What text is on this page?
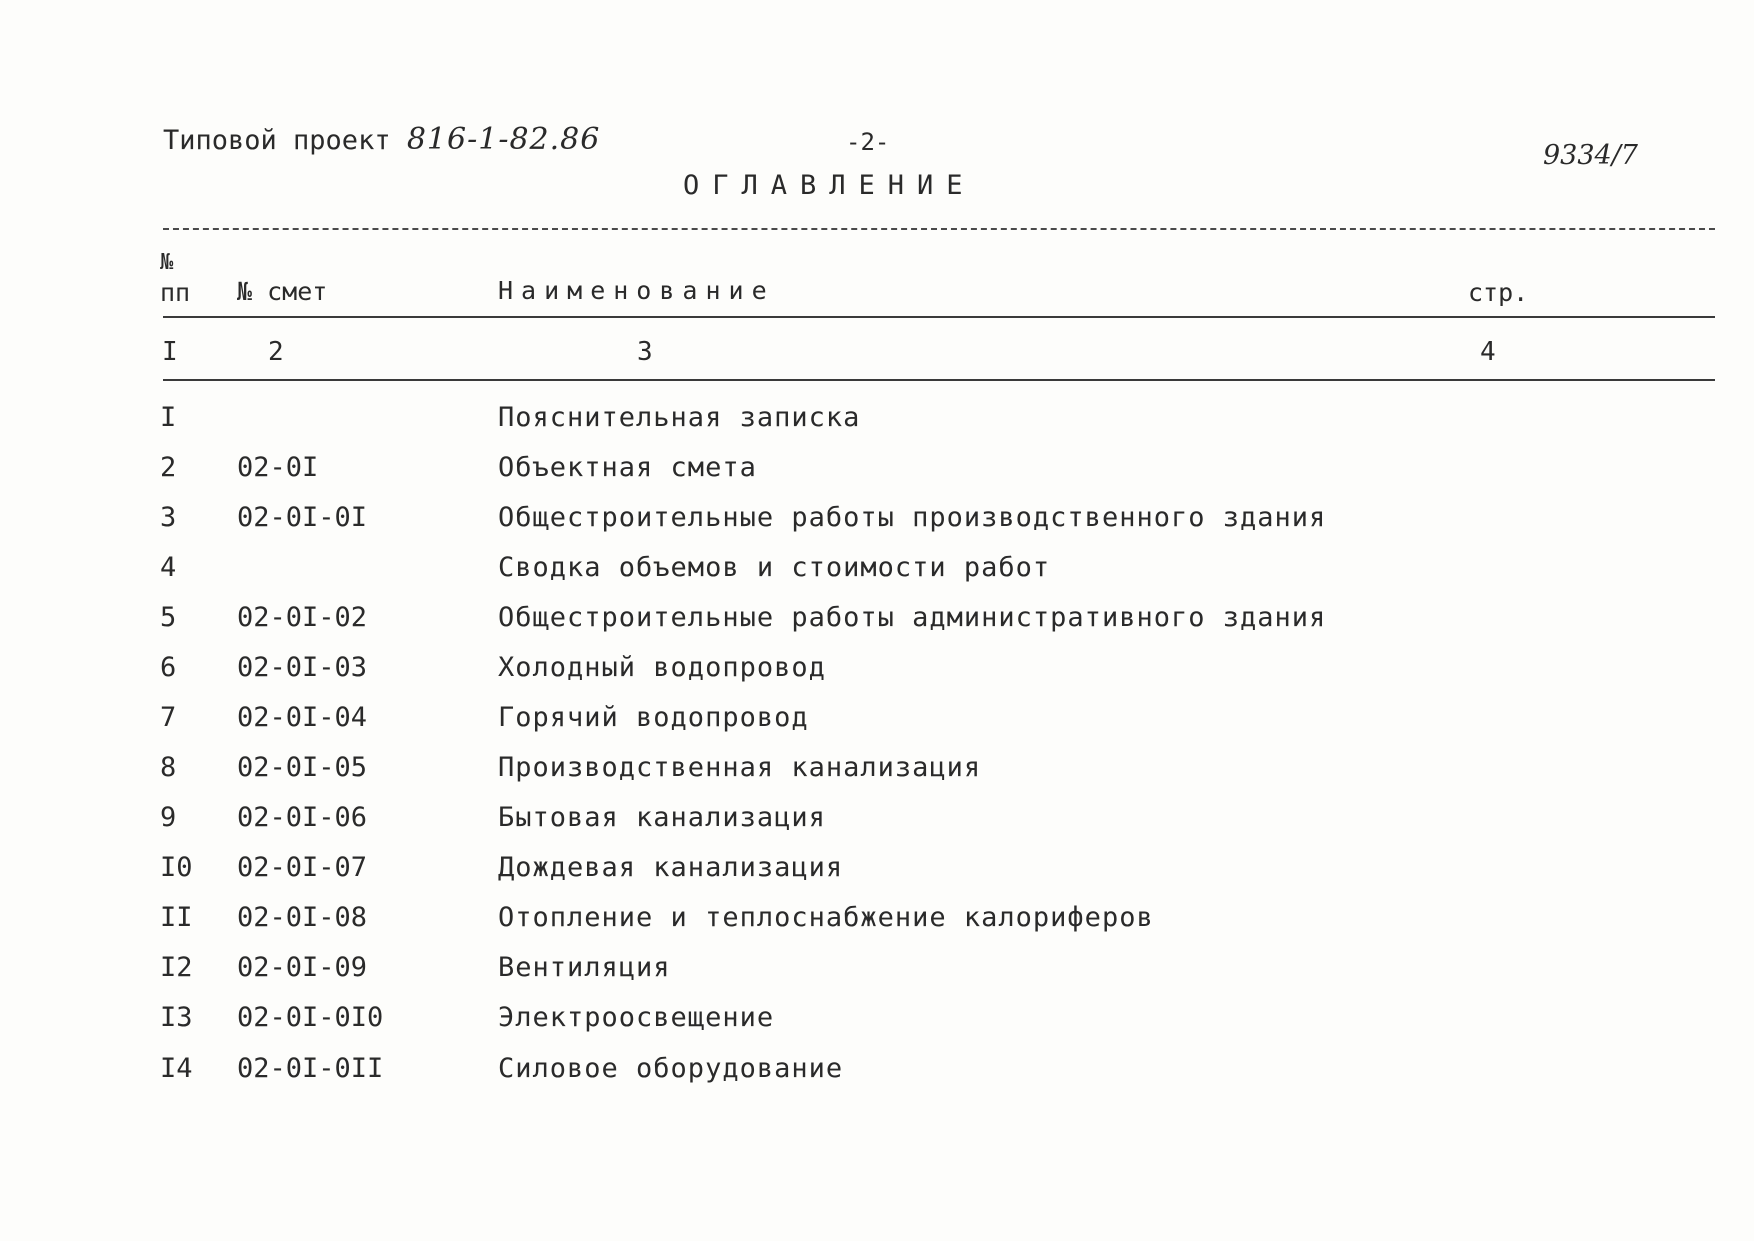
Типовой проект 816-1-82.86	-2-	9334/7
ОГЛАВЛЕНИЕ
№
пп № смет	Наименование	стр.
I	2	3	4
I	Пояснительная записка
2 02-0I	Объектная смета
3 02-0I-0I	Общестроительные работы производственного здания
4	Сводка объемов и стоимости работ
5 02-0I-02	Общестроительные работы административного здания
6 02-0I-03	Холодный водопровод
7 02-0I-04	Горячий водопровод
8 02-0I-05	Производственная канализация
9 02-0I-06	Бытовая канализация
I0 02-0I-07	Дождевая канализация
II 02-0I-08	Отопление и теплоснабжение калориферов
I2 02-0I-09	Вентиляция
I3 02-0I-0I0	Электроосвещение
I4 02-0I-0II	Силовое оборудование
